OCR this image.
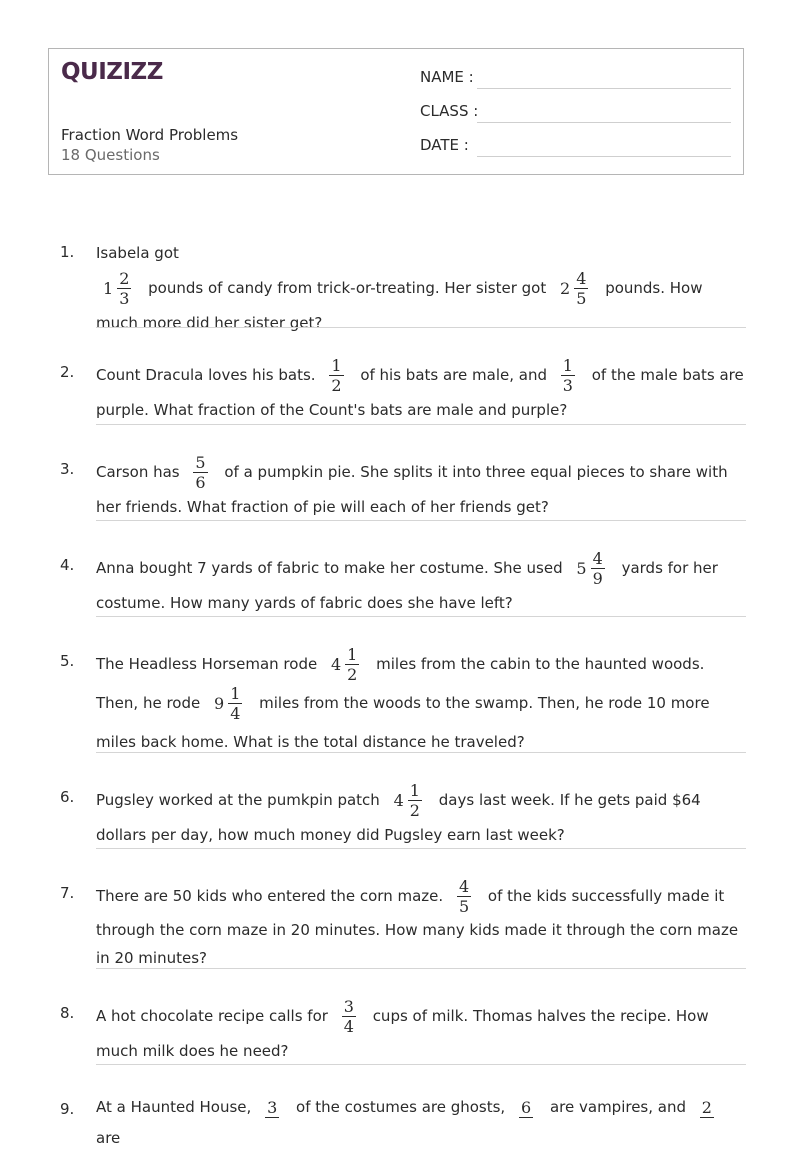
QUIZIZZ
Fraction Word Problems
18 Questions
NAME :
CLASS :
DATE :
1. Isabela got
$1 \frac{2}{3}$ pounds of candy from trick-or-treating. Her sister got $2 \frac{4}{5}$ pounds. How much more did her sister get?
2. Count Dracula loves his bats. $\frac{1}{2}$ of his bats are male, and $\frac{1}{3}$ of the male bats are purple. What fraction of the Count's bats are male and purple?
3. Carson has $\frac{5}{6}$ of a pumpkin pie. She splits it into three equal pieces to share with her friends. What fraction of pie will each of her friends get?
4. Anna bought 7 yards of fabric to make her costume. She used $5 \frac{4}{9}$ yards for her costume. How many yards of fabric does she have left?
5. The Headless Horseman rode $4 \frac{1}{2}$ miles from the cabin to the haunted woods. Then, he rode $9 \frac{1}{4}$ miles from the woods to the swamp. Then, he rode 10 more miles back home. What is the total distance he traveled?
6. Pugsley worked at the pumkpin patch $4 \frac{1}{2}$ days last week. If he gets paid $64 dollars per day, how much money did Pugsley earn last week?
7. There are 50 kids who entered the corn maze. $\frac{4}{5}$ of the kids successfully made it through the corn maze in 20 minutes. How many kids made it through the corn maze in 20 minutes?
8. A hot chocolate recipe calls for $\frac{3}{4}$ cups of milk. Thomas halves the recipe. How much milk does he need?
9. At a Haunted House, 3 of the costumes are ghosts, 6 are vampires, and 2
are
